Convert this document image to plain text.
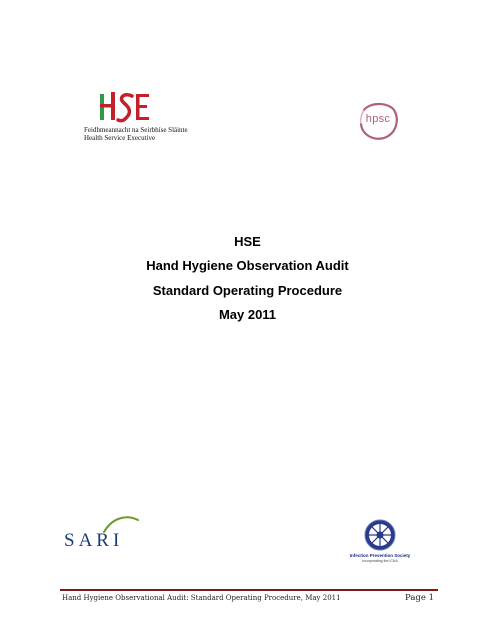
Feidhmeannacht na Seirbhíse Sláinte
Health Service Executive
hpsc
HSE
Hand Hygiene Observation Audit
Standard Operating Procedure
May 2011
SARI
Infection Prevention Society
Incorporating the ICNA
Hand Hygiene Observational Audit: Standard Operating Procedure, May 2011	Page 1
